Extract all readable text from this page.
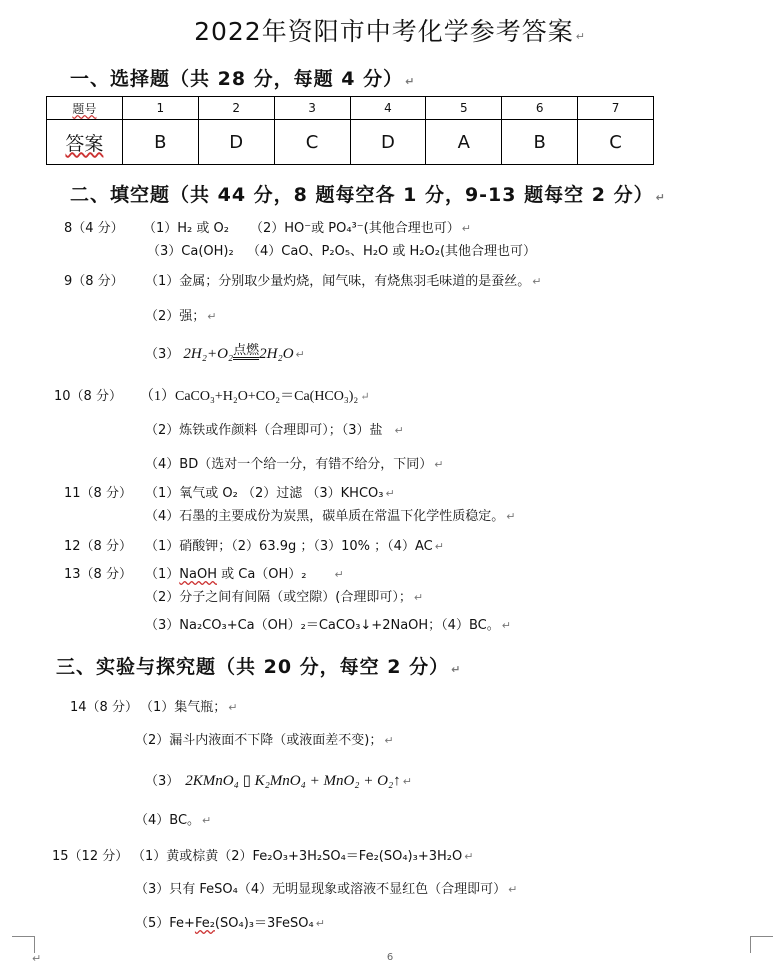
2022年资阳市中考化学参考答案 ↵
一、选择题（共 28 分，每题 4 分） ↵
题号	1	2	3	4	5	6	7
答案	B	D	C	D	A	B	C
二、填空题（共 44 分，8 题每空各 1 分，9-13 题每空 2 分） ↵
8（4 分） （1）H₂ 或 O₂ （2）HO⁻或 PO₄³⁻(其他合理也可） ↵
（3）Ca(OH)₂ （4）CaO、P₂O₅、H₂O 或 H₂O₂(其他合理也可）
9（8 分） （1）金属；分别取少量灼烧，闻气味，有烧焦羽毛味道的是蚕丝。 ↵
（2）强； ↵
（3） 2H₂+O₂点燃2H₂O ↵
10（8 分） （1）CaCO₃+H₂O+CO₂＝Ca(HCO₃)₂ ↵
（2）炼铁或作颜料（合理即可）；（3）盐 ↵
（4）BD（选对一个给一分，有错不给分，下同） ↵
11（8 分） （1）氧气或 O₂ （2）过滤 （3）KHCO₃ ↵
（4）石墨的主要成份为炭黑，碳单质在常温下化学性质稳定。 ↵
12（8 分） （1）硝酸钾；（2）63.9g ；（3）10% ；（4）AC ↵
13（8 分） （1）NaOH 或 Ca（OH）₂	↵
（2）分子之间有间隔（或空隙）(合理即可）； ↵
（3）Na₂CO₃+Ca（OH）₂＝CaCO₃↓+2NaOH；（4）BC。 ↵
三、实验与探究题（共 20 分，每空 2 分） ↵
14（8 分） （1）集气瓶； ↵
（2）漏斗内液面不下降（或液面差不变)； ↵
（3） 2KMnO₄ ▯ K₂MnO₄ + MnO₂ + O₂↑ ↵
（4）BC。 ↵
15（12 分） （1）黄或棕黄（2）Fe₂O₃+3H₂SO₄＝Fe₂(SO₄)₃+3H₂O ↵
（3）只有 FeSO₄（4）无明显现象或溶液不显红色（合理即可） ↵
（5）Fe+Fe₂(SO₄)₃＝3FeSO₄ ↵
↵	6
